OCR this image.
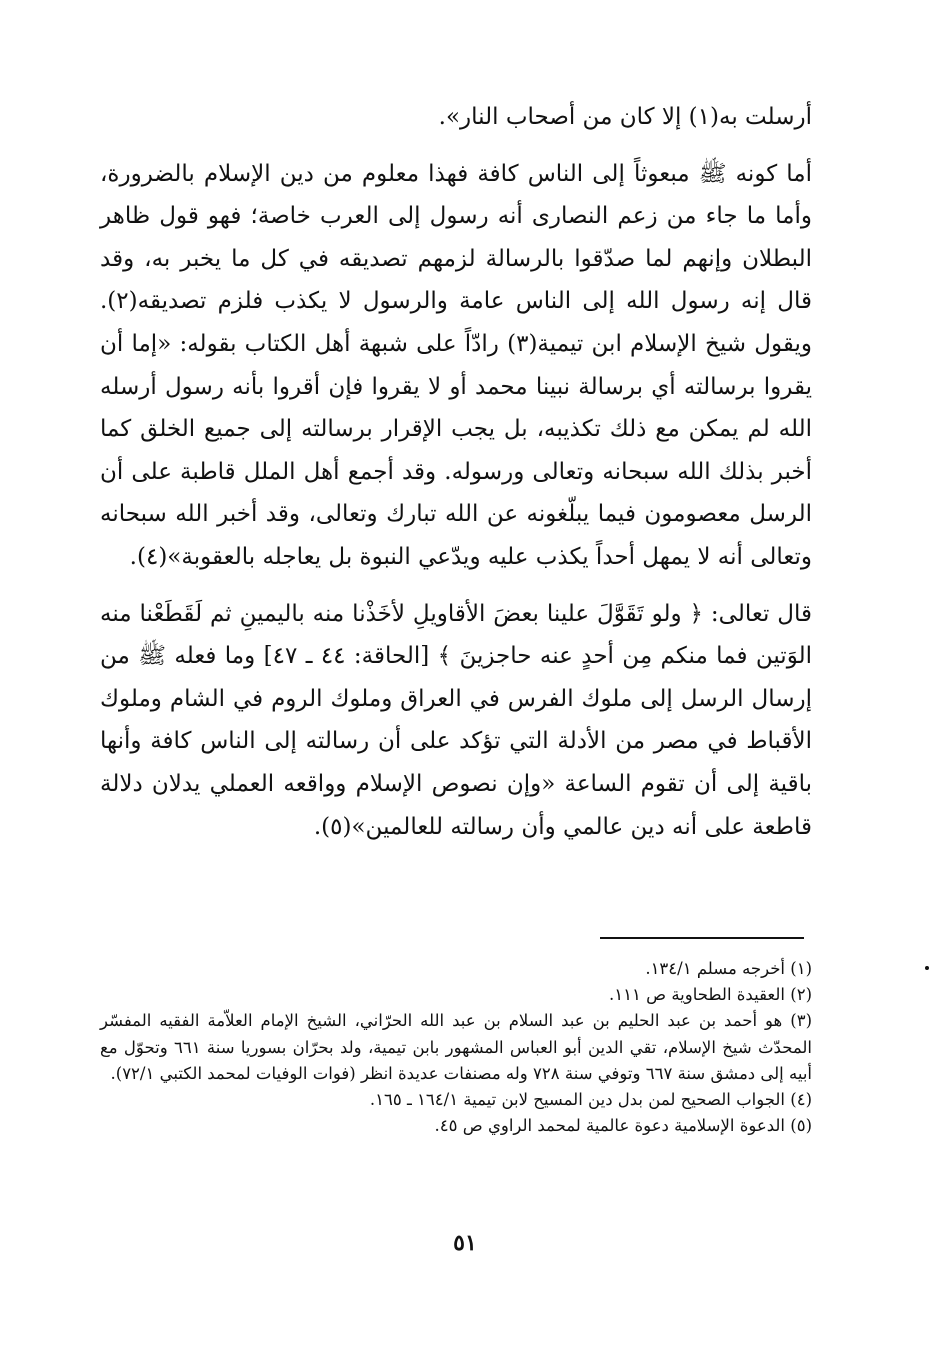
أرسلت به(١) إلا كان من أصحاب النار».

أما كونه ﷺ مبعوثاً إلى الناس كافة فهذا معلوم من دين الإسلام بالضرورة، وأما ما جاء من زعم النصارى أنه رسول إلى العرب خاصة؛ فهو قول ظاهر البطلان وإنهم لما صدّقوا بالرسالة لزمهم تصديقه في كل ما يخبر به، وقد قال إنه رسول الله إلى الناس عامة والرسول لا يكذب فلزم تصديقه(٢). ويقول شيخ الإسلام ابن تيمية(٣) رادّاً على شبهة أهل الكتاب بقوله: «إما أن يقروا برسالته أي برسالة نبينا محمد أو لا يقروا فإن أقروا بأنه رسول أرسله الله لم يمكن مع ذلك تكذيبه، بل يجب الإقرار برسالته إلى جميع الخلق كما أخبر بذلك الله سبحانه وتعالى ورسوله. وقد أجمع أهل الملل قاطبة على أن الرسل معصومون فيما يبلّغونه عن الله تبارك وتعالى، وقد أخبر الله سبحانه وتعالى أنه لا يمهل أحداً يكذب عليه ويدّعي النبوة بل يعاجله بالعقوبة»(٤).

قال تعالى: ﴿ ولو تَقَوَّلَ علينا بعضَ الأقاويلِ لأخَذْنا منه باليمينِ ثم لَقَطَعْنا منه الوَتين فما منكم مِن أحدٍ عنه حاجزينَ ﴾ [الحاقة: ٤٤ ـ ٤٧] وما فعله ﷺ من إرسال الرسل إلى ملوك الفرس في العراق وملوك الروم في الشام وملوك الأقباط في مصر من الأدلة التي تؤكد على أن رسالته إلى الناس كافة وأنها باقية إلى أن تقوم الساعة «وإن نصوص الإسلام وواقعه العملي يدلان دلالة قاطعة على أنه دين عالمي وأن رسالته للعالمين»(٥).

(١) أخرجه مسلم ١٣٤/١.

(٢) العقيدة الطحاوية ص ١١١.

(٣) هو أحمد بن عبد الحليم بن عبد السلام بن عبد الله الحرّاني، الشيخ الإمام العلاّمة الفقيه المفسّر المحدّث شيخ الإسلام، تقي الدين أبو العباس المشهور بابن تيمية، ولد بحرّان بسوريا سنة ٦٦١ وتحوّل مع أبيه إلى دمشق سنة ٦٦٧ وتوفي سنة ٧٢٨ وله مصنفات عديدة انظر (فوات الوفيات لمحمد الكتبي ٧٢/١).

(٤) الجواب الصحيح لمن بدل دين المسيح لابن تيمية ١٦٤/١ ـ ١٦٥.

(٥) الدعوة الإسلامية دعوة عالمية لمحمد الراوي ص ٤٥.

٥١
